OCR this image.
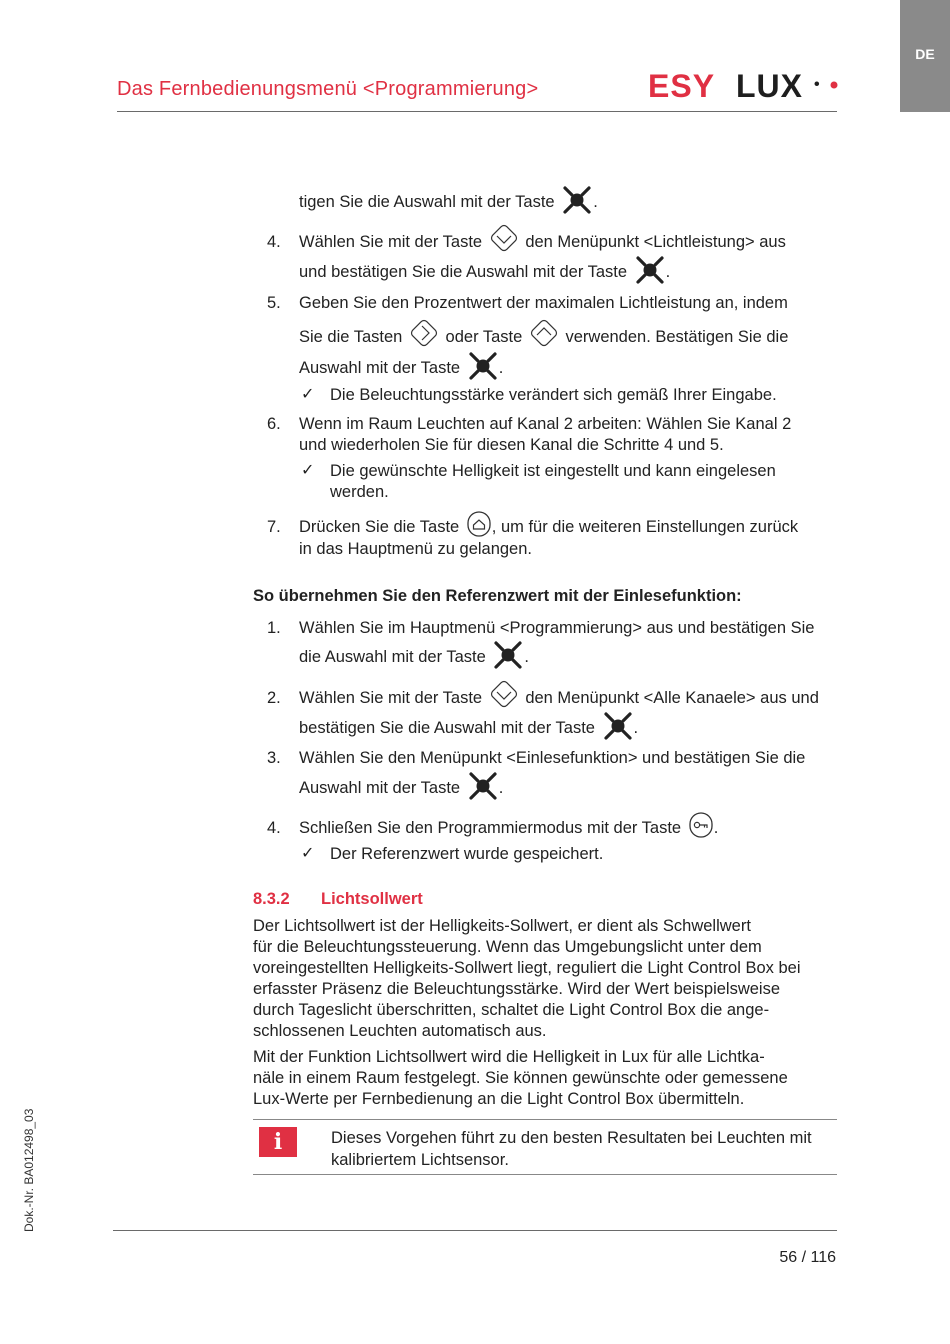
DE
Das Fernbedienungsmenü <Programmierung>	ESY LUX •
Dok.-Nr. BA012498_03
tigen Sie die Auswahl mit der Taste .
4. Wählen Sie mit der Taste	den Menüpunkt <Lichtleistung> aus
und bestätigen Sie die Auswahl mit der Taste .
5. Geben Sie den Prozentwert der maximalen Lichtleistung an, indem
Sie die Tasten	oder Taste	verwenden. Bestätigen Sie die
Auswahl mit der Taste .
✓ Die Beleuchtungsstärke verändert sich gemäß Ihrer Eingabe.
6. Wenn im Raum Leuchten auf Kanal 2 arbeiten: Wählen Sie Kanal 2
und wiederholen Sie für diesen Kanal die Schritte 4 und 5.
✓ Die gewünschte Helligkeit ist eingestellt und kann eingelesen
werden.
7. Drücken Sie die Taste , um für die weiteren Einstellungen zurück
in das Hauptmenü zu gelangen.
So übernehmen Sie den Referenzwert mit der Einlesefunktion:
1. Wählen Sie im Hauptmenü <Programmierung> aus und bestätigen Sie
die Auswahl mit der Taste .
2. Wählen Sie mit der Taste	den Menüpunkt <Alle Kanaele> aus und
bestätigen Sie die Auswahl mit der Taste .
3. Wählen Sie den Menüpunkt <Einlesefunktion> und bestätigen Sie die
Auswahl mit der Taste .
4. Schließen Sie den Programmiermodus mit der Taste .
✓ Der Referenzwert wurde gespeichert.
8.3.2 Lichtsollwert
Der Lichtsollwert ist der Helligkeits-Sollwert, er dient als Schwellwert
für die Beleuchtungssteuerung. Wenn das Umgebungslicht unter dem
voreingestellten Helligkeits-Sollwert liegt, reguliert die Light Control Box bei
erfasster Präsenz die Beleuchtungsstärke. Wird der Wert beispielsweise
durch Tageslicht überschritten, schaltet die Light Control Box die ange-
schlossenen Leuchten automatisch aus.
Mit der Funktion Lichtsollwert wird die Helligkeit in Lux für alle Lichtka-
näle in einem Raum festgelegt. Sie können gewünschte oder gemessene
Lux-Werte per Fernbedienung an die Light Control Box übermitteln.
i	Dieses Vorgehen führt zu den besten Resultaten bei Leuchten mit
kalibriertem Lichtsensor.
56 / 116
